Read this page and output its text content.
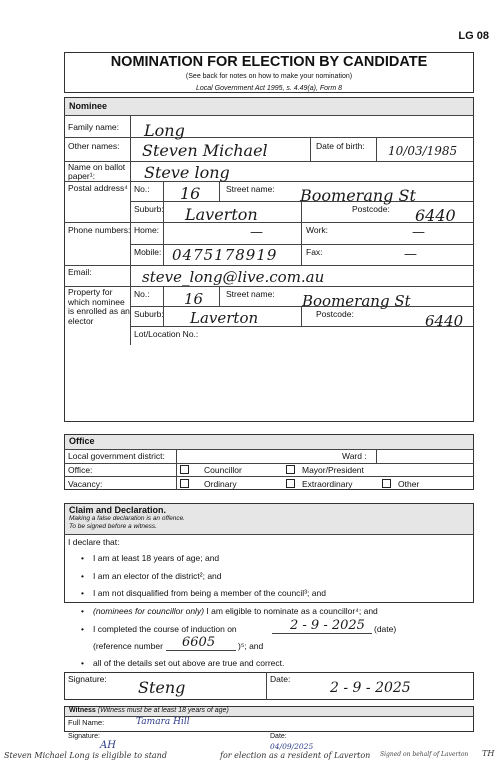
LG 08
NOMINATION FOR ELECTION BY CANDIDATE
(See back for notes on how to make your nomination)
Local Government Act 1995, s. 4.49(a), Form 8
Nominee
Family name: Long
Other names: Steven Michael	Date of birth: 10/03/1985
Name on ballot paper¹:	Steve long
Postal address⁴ No.: 16	Street name: Boomerang St
Suburb: Laverton	Postcode: 6440
Phone numbers: Home:	—	Work:	—
Mobile: 0475178919	Fax:	—
Email:	steve_long@live.com.au
Property for which nominee is enrolled as an elector
No.: 16	Street name: Boomerang St
Suburb: Laverton	Postcode:	6440
Lot/Location No.:
Office
Local government district:	Ward :
Office:	Councillor	Mayor/President
Vacancy:	Ordinary	Extraordinary	Other
Claim and Declaration.
Making a false declaration is an offence.
To be signed before a witness.
I declare that:
• I am at least 18 years of age; and
• I am an elector of the district²; and
• I am not disqualified from being a member of the council³; and
• (nominees for councillor only) I am eligible to nominate as a councillor⁴; and
• I completed the course of induction on	2 - 9 - 2025 (date)
(reference number 6605	)⁵; and
• all of the details set out above are true and correct.
Signature: Steng	Date:
2 - 9 - 2025
Witness (Witness must be at least 18 years of age)
Full Name:	Tamara Hill
Signature:
AH
Date:
04/09/2025
Steven Michael Long is eligible to stand	for election as a resident of Laverton Signed on behalf of Laverton TH
